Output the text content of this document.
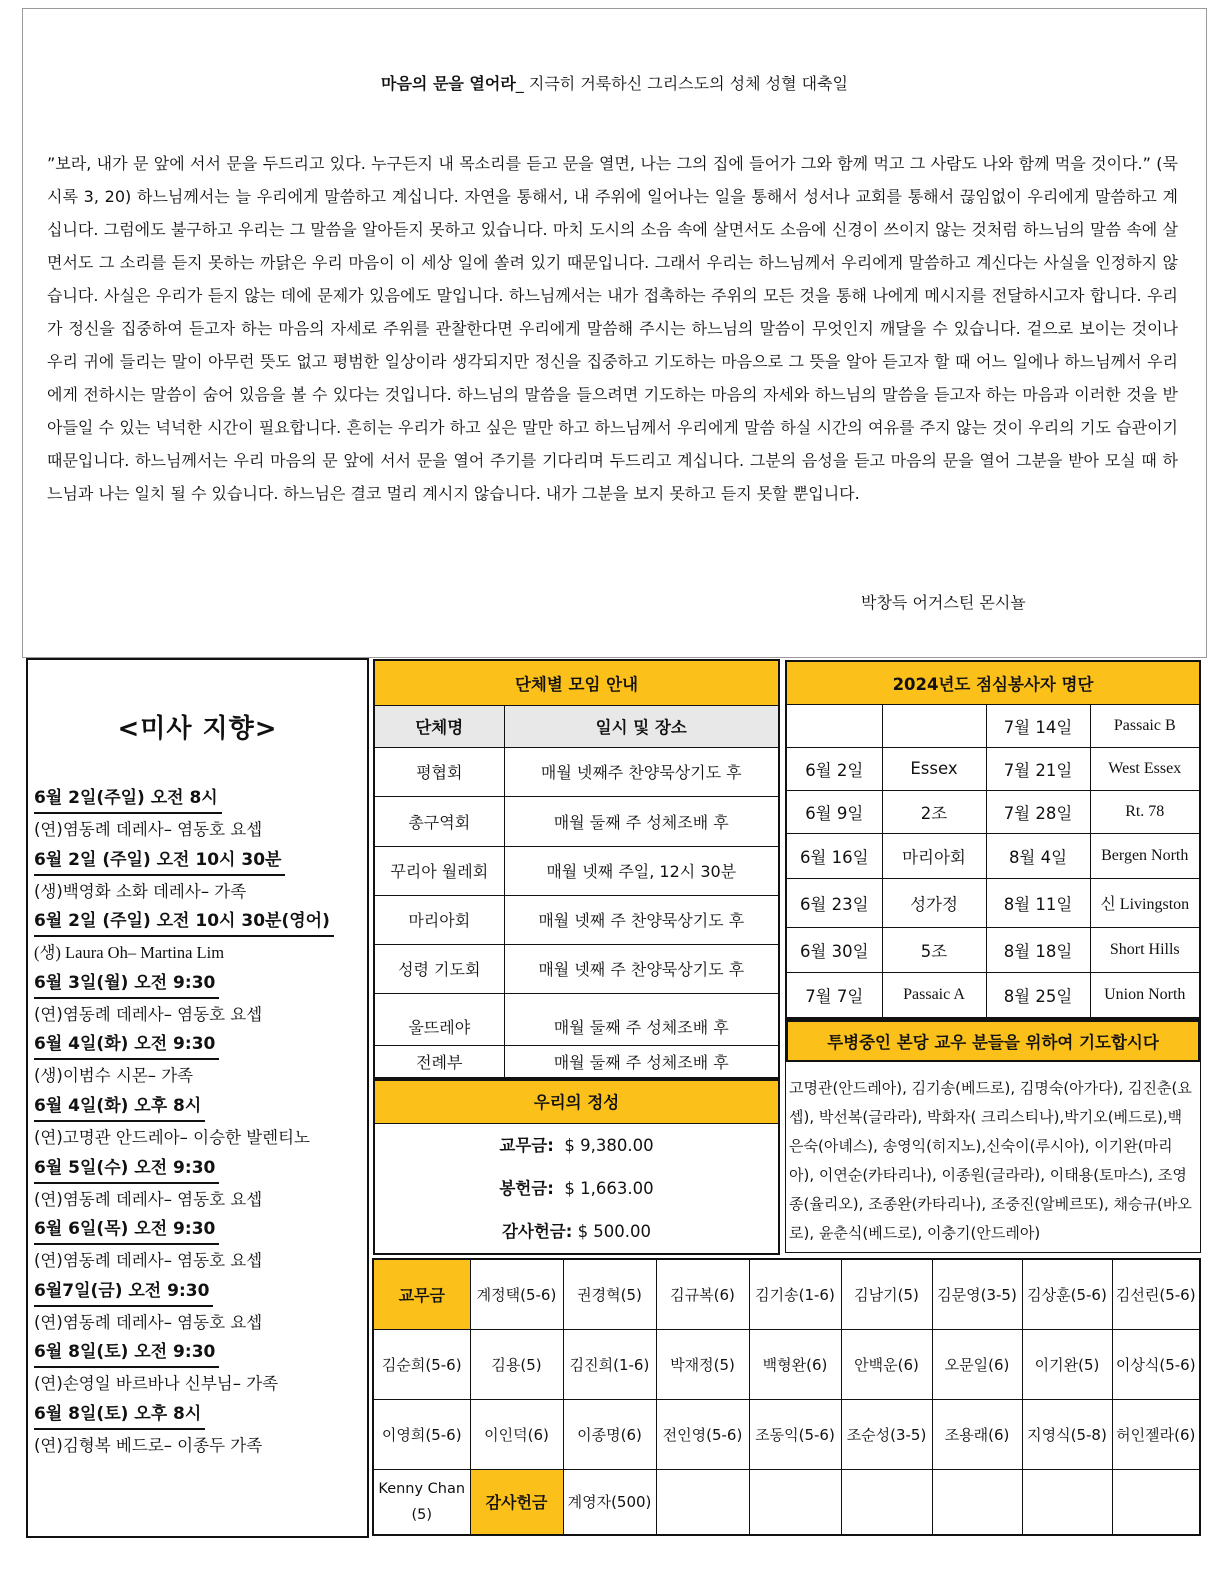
마음의 문을 열어라_ 지극히 거룩하신 그리스도의 성체 성혈 대축일
”보라, 내가 문 앞에 서서 문을 두드리고 있다. 누구든지 내 목소리를 듣고 문을 열면, 나는 그의 집에 들어가 그와 함께 먹고 그 사람도 나와 함께 먹을 것이다.” (묵시록 3, 20) 하느님께서는 늘 우리에게 말씀하고 계십니다. 자연을 통해서, 내 주위에 일어나는 일을 통해서 성서나 교회를 통해서 끊임없이 우리에게 말씀하고 계십니다. 그럼에도 불구하고 우리는 그 말씀을 알아듣지 못하고 있습니다. 마치 도시의 소음 속에 살면서도 소음에 신경이 쓰이지 않는 것처럼 하느님의 말씀 속에 살면서도 그 소리를 듣지 못하는 까닭은 우리 마음이 이 세상 일에 쏠려 있기 때문입니다. 그래서 우리는 하느님께서 우리에게 말씀하고 계신다는 사실을 인정하지 않습니다. 사실은 우리가 듣지 않는 데에 문제가 있음에도 말입니다. 하느님께서는 내가 접촉하는 주위의 모든 것을 통해 나에게 메시지를 전달하시고자 합니다. 우리가 정신을 집중하여 듣고자 하는 마음의 자세로 주위를 관찰한다면 우리에게 말씀해 주시는 하느님의 말씀이 무엇인지 깨달을 수 있습니다. 겉으로 보이는 것이나 우리 귀에 들리는 말이 아무런 뜻도 없고 평범한 일상이라 생각되지만 정신을 집중하고 기도하는 마음으로 그 뜻을 알아 듣고자 할 때 어느 일에나 하느님께서 우리에게 전하시는 말씀이 숨어 있음을 볼 수 있다는 것입니다. 하느님의 말씀을 들으려면 기도하는 마음의 자세와 하느님의 말씀을 듣고자 하는 마음과 이러한 것을 받아들일 수 있는 넉넉한 시간이 필요합니다. 흔히는 우리가 하고 싶은 말만 하고 하느님께서 우리에게 말씀 하실 시간의 여유를 주지 않는 것이 우리의 기도 습관이기 때문입니다. 하느님께서는 우리 마음의 문 앞에 서서 문을 열어 주기를 기다리며 두드리고 계십니다. 그분의 음성을 듣고 마음의 문을 열어 그분을 받아 모실 때 하느님과 나는 일치 될 수 있습니다. 하느님은 결코 멀리 계시지 않습니다. 내가 그분을 보지 못하고 듣지 못할 뿐입니다.
박창득 어거스틴 몬시뇰
<미사 지향>
6월 2일(주일) 오전 8시
(연)염동례 데레사– 염동호 요셉
6월 2일 (주일) 오전 10시 30분
(생)백영화 소화 데레사– 가족
6월 2일 (주일) 오전 10시 30분(영어)
(생) Laura Oh– Martina Lim
6월 3일(월) 오전 9:30
(연)염동례 데레사– 염동호 요셉
6월 4일(화) 오전 9:30
(생)이범수 시몬– 가족
6월 4일(화) 오후 8시
(연)고명관 안드레아– 이승한 발렌티노
6월 5일(수) 오전 9:30
(연)염동례 데레사– 염동호 요셉
6월 6일(목) 오전 9:30
(연)염동례 데레사– 염동호 요셉
6월7일(금) 오전 9:30
(연)염동례 데레사– 염동호 요셉
6월 8일(토) 오전 9:30
(연)손영일 바르바나 신부님– 가족
6월 8일(토) 오후 8시
(연)김형복 베드로– 이종두 가족
단체별 모임 안내	
단체명	일시 및 장소
평협회	매월 넷째주 찬양묵상기도 후
총구역회	매월 둘째 주 성체조배 후
꾸리아 월레회	매월 넷째 주일, 12시 30분
마리아회	매월 넷째 주 찬양묵상기도 후
성령 기도회	매월 넷째 주 찬양묵상기도 후
울뜨레야	매월 둘째 주 성체조배 후
전례부	매월 둘째 주 성체조배 후
우리의 정성
교무금: $ 9,380.00
봉헌금: $ 1,663.00
감사헌금: $ 500.00
2024년도 점심봉사자 명단			
		7월 14일	Passaic B
6월 2일	Essex	7월 21일	West Essex
6월 9일	2조	7월 28일	Rt. 78
6월 16일	마리아회	8월 4일	Bergen North
6월 23일	성가정	8월 11일	신 Livingston
6월 30일	5조	8월 18일	Short Hills
7월 7일	Passaic A	8월 25일	Union North
투병중인 본당 교우 분들을 위하여 기도합시다
고명관(안드레아), 김기송(베드로), 김명숙(아가다), 김진춘(요셉), 박선복(글라라), 박화자( 크리스티나),박기오(베드로),백은숙(아녜스), 송영익(히지노),신숙이(루시아), 이기완(마리아), 이연순(카타리나), 이종원(글라라), 이태용(토마스), 조영종(율리오), 조종완(카타리나), 조중진(알베르또), 채승규(바오로), 윤춘식(베드로), 이충기(안드레아)
교무금	계정택(5-6)	권경혁(5)	김규복(6)	김기송(1-6)	김남기(5)	김문영(3-5)	김상훈(5-6)	김선린(5-6)
김순희(5-6)	김용(5)	김진희(1-6)	박재정(5)	백형완(6)	안백운(6)	오문일(6)	이기완(5)	이상식(5-6)
이영희(5-6)	이인덕(6)	이종명(6)	전인영(5-6)	조동익(5-6)	조순성(3-5)	조용래(6)	지영식(5-8)	허인젤라(6)
Kenny Chan (5)	감사헌금	계영자(500)						
